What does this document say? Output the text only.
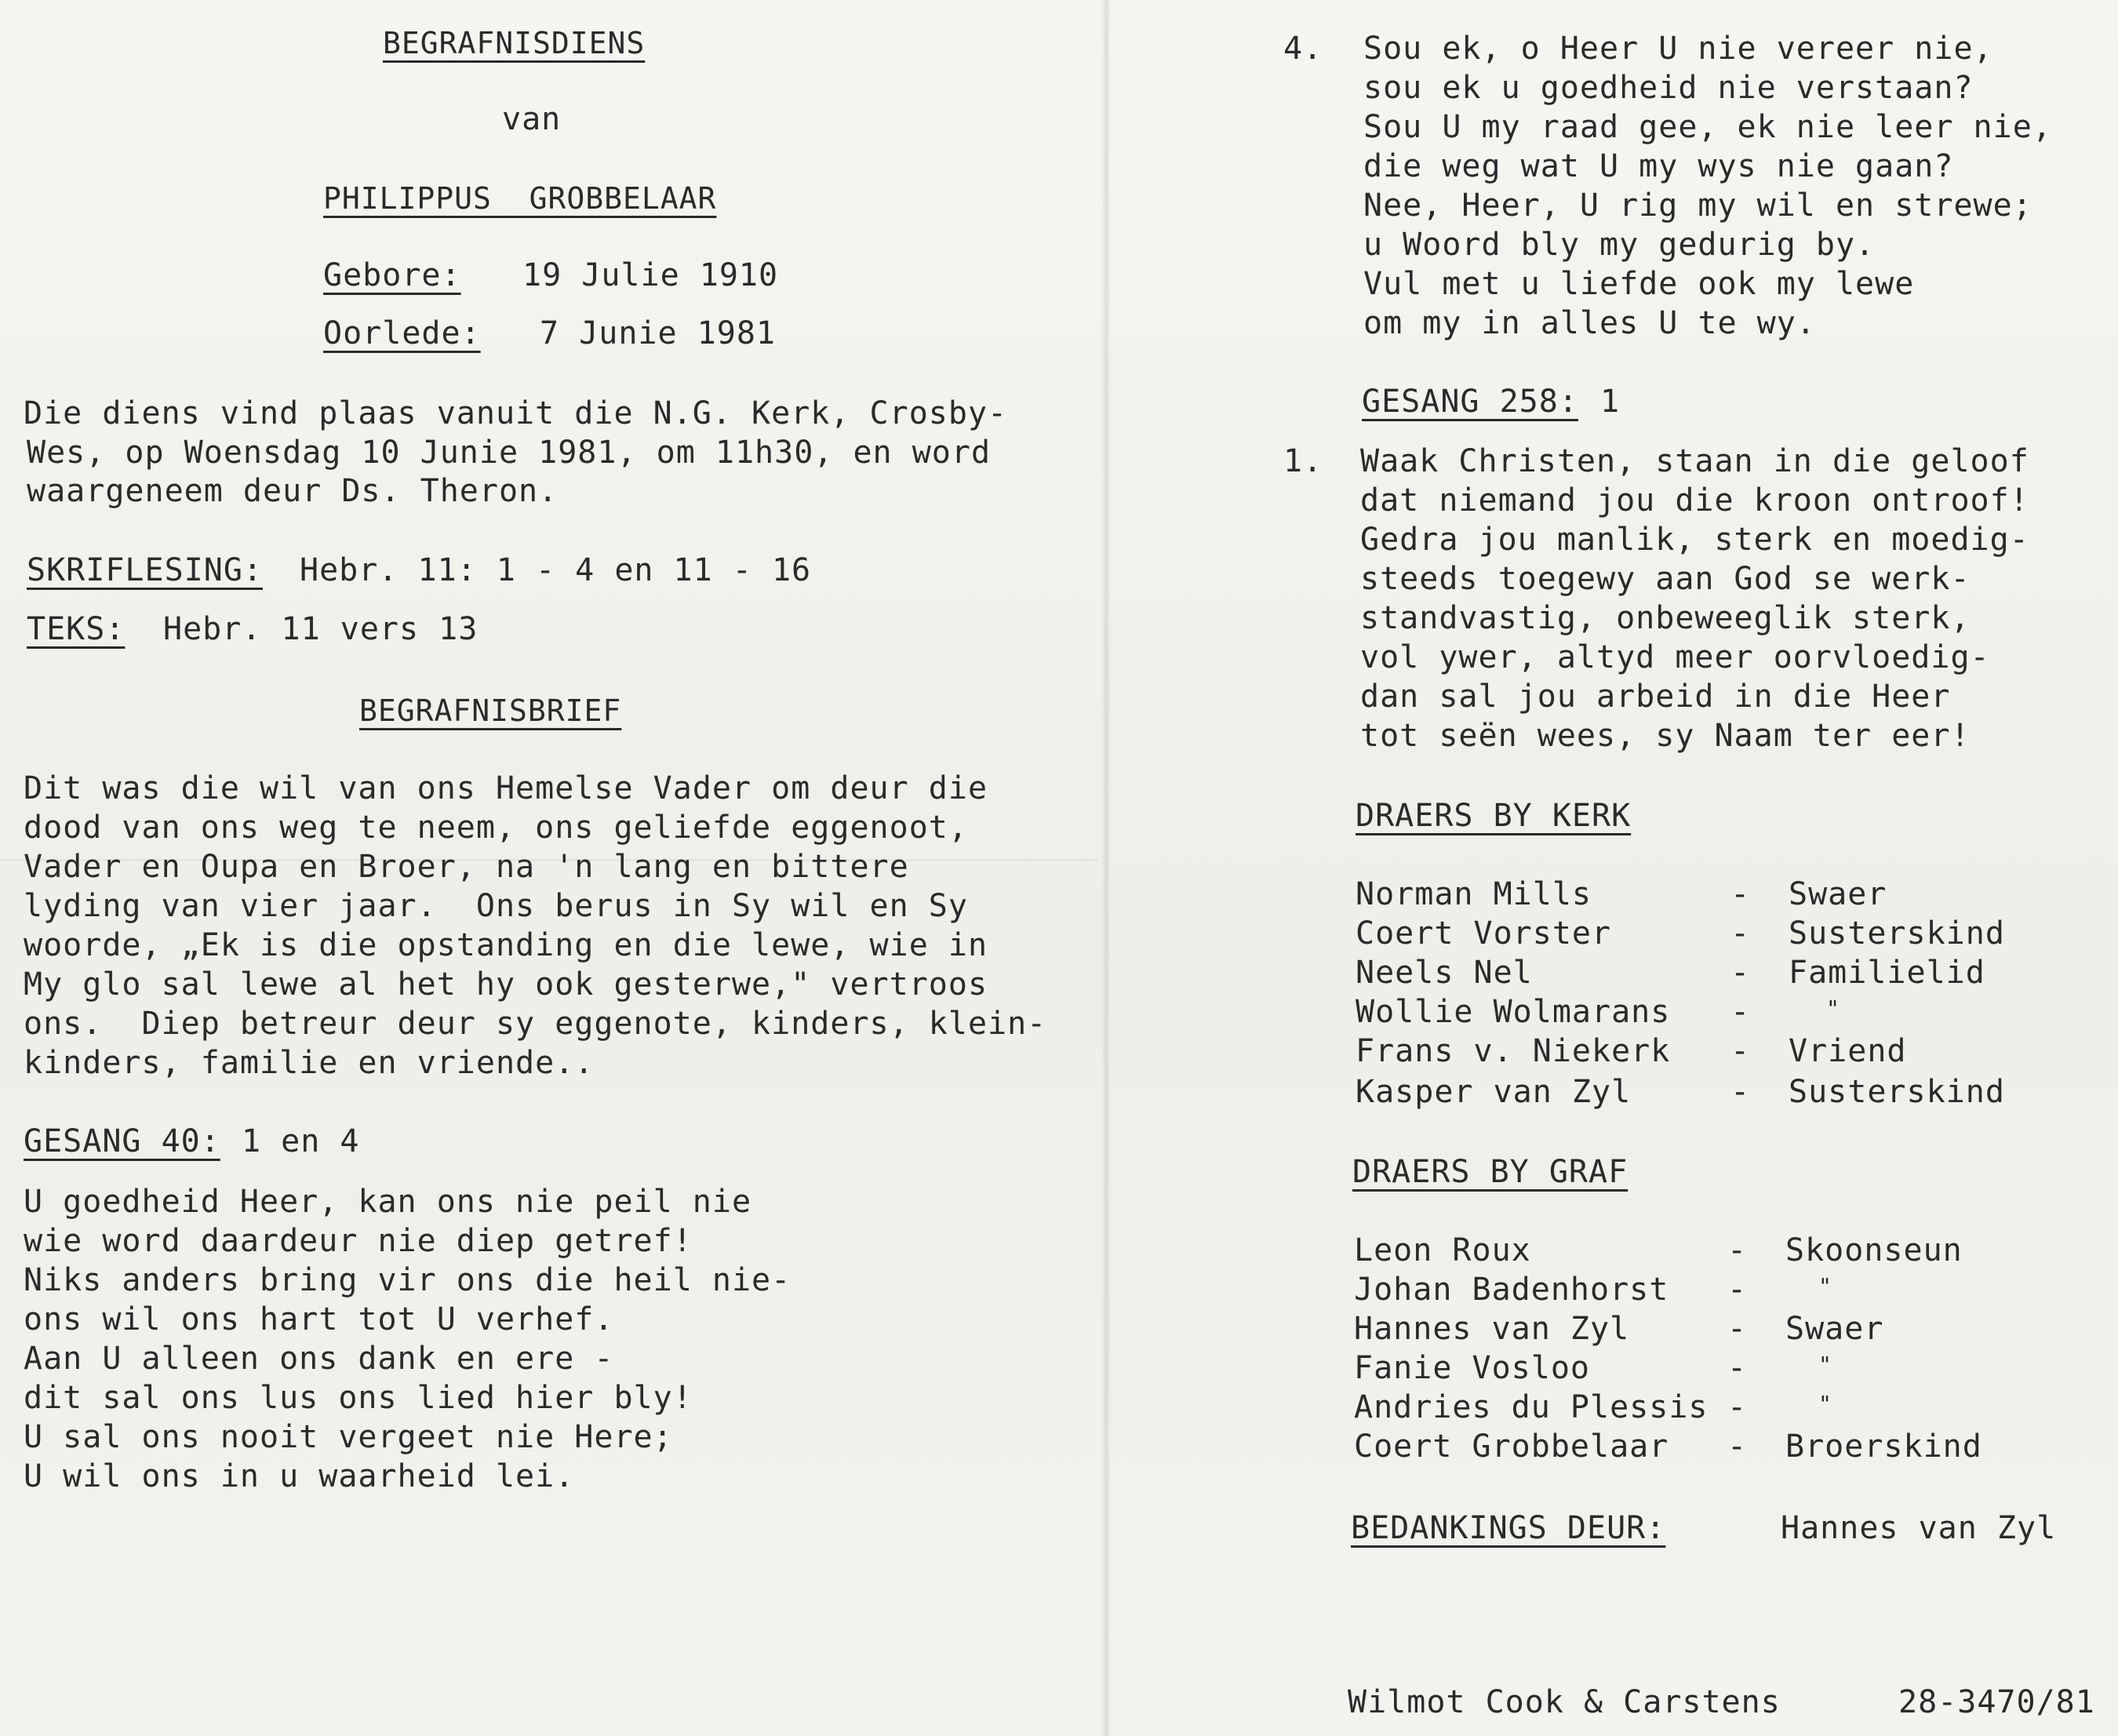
BEGRAFNISDIENS
van
PHILIPPUS  GROBBELAAR
Gebore: 19 Julie 1910
Oorlede: 7 Junie 1981
Die diens vind plaas vanuit die N.G. Kerk, Crosby-
Wes, op Woensdag 10 Junie 1981, om 11h30, en word
waargeneem deur Ds. Theron.
SKRIFLESING: Hebr. 11: 1 - 4 en 11 - 16
TEKS: Hebr. 11 vers 13
BEGRAFNISBRIEF
Dit was die wil van ons Hemelse Vader om deur die
dood van ons weg te neem, ons geliefde eggenoot,
Vader en Oupa en Broer, na 'n lang en bittere
lyding van vier jaar.  Ons berus in Sy wil en Sy
woorde, „Ek is die opstanding en die lewe, wie in
My glo sal lewe al het hy ook gesterwe," vertroos
ons.  Diep betreur deur sy eggenote, kinders, klein-
kinders, familie en vriende..
GESANG 40: 1 en 4
U goedheid Heer, kan ons nie peil nie
wie word daardeur nie diep getref!
Niks anders bring vir ons die heil nie-
ons wil ons hart tot U verhef.
Aan U alleen ons dank en ere -
dit sal ons lus ons lied hier bly!
U sal ons nooit vergeet nie Here;
U wil ons in u waarheid lei.
4. Sou ek, o Heer U nie vereer nie,
sou ek u goedheid nie verstaan?
Sou U my raad gee, ek nie leer nie,
die weg wat U my wys nie gaan?
Nee, Heer, U rig my wil en strewe;
u Woord bly my gedurig by.
Vul met u liefde ook my lewe
om my in alles U te wy.
GESANG 258: 1
1. Waak Christen, staan in die geloof
dat niemand jou die kroon ontroof!
Gedra jou manlik, sterk en moedig-
steeds toegewy aan God se werk-
standvastig, onbeweeglik sterk,
vol ywer, altyd meer oorvloedig-
dan sal jou arbeid in die Heer
tot seën wees, sy Naam ter eer!
DRAERS BY KERK
Norman Mills	- Swaer
Coert Vorster	- Susterskind
Neels Nel	- Familielid
Wollie Wolmarans -	"
Frans v. Niekerk - Vriend
Kasper van Zyl	- Susterskind
DRAERS BY GRAF
Leon Roux	- Skoonseun
Johan Badenhorst -	"
Hannes van Zyl	- Swaer
Fanie Vosloo	-	"
Andries du Plessis -	"
Coert Grobbelaar - Broerskind
BEDANKINGS DEUR:	Hannes van Zyl
Wilmot Cook & Carstens	28-3470/81
